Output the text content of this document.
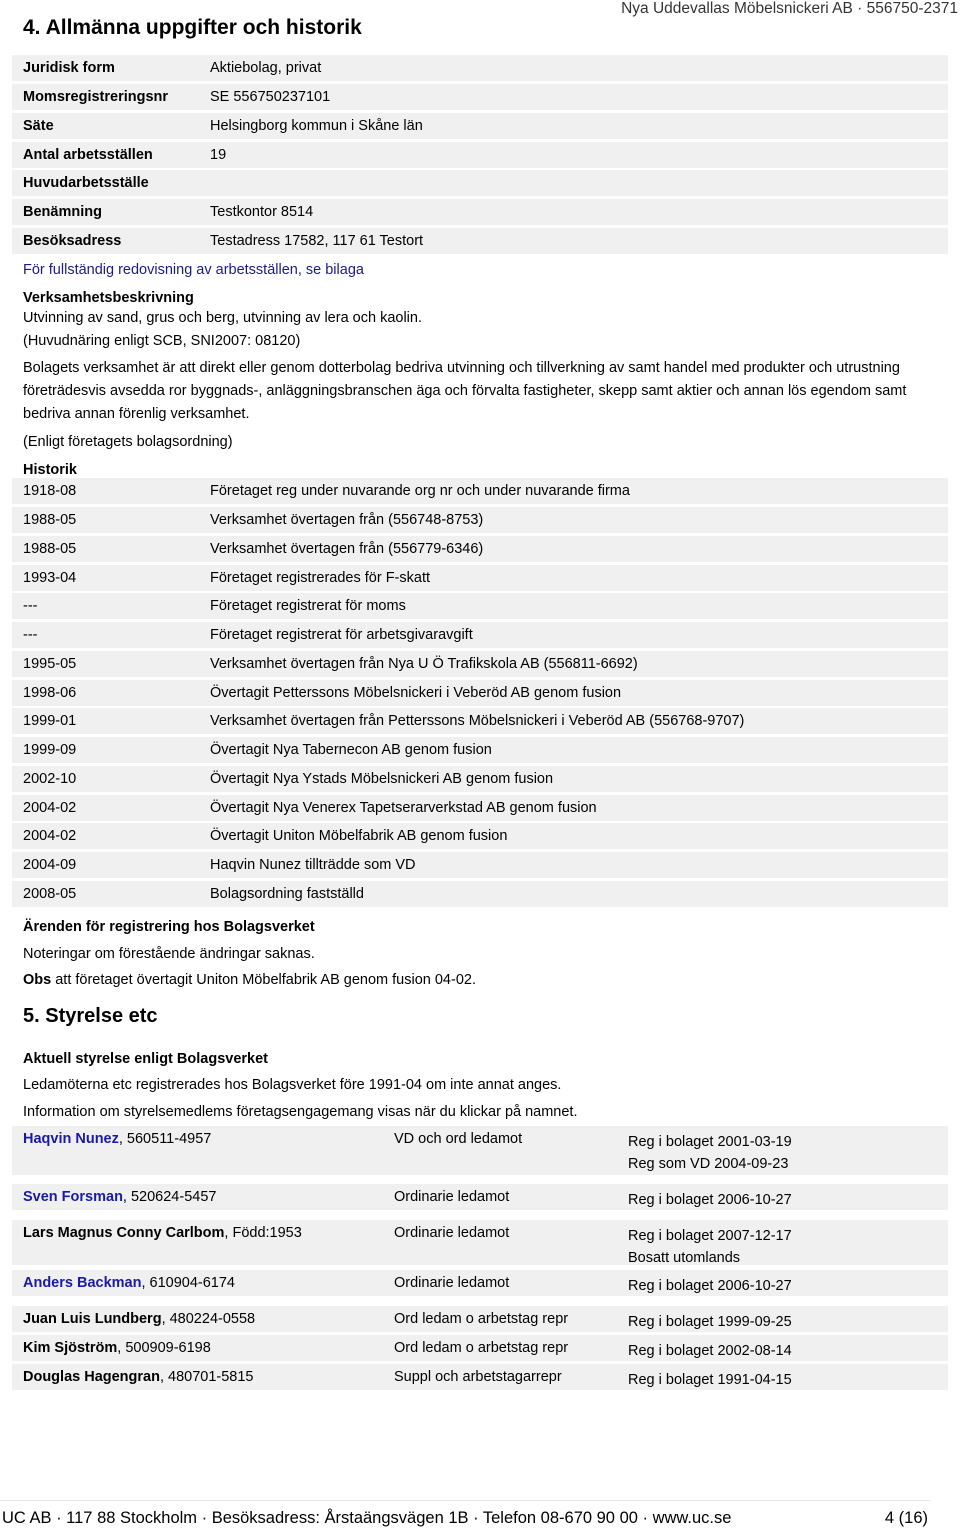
4. Allmänna uppgifter och historik
Nya Uddevallas Möbelsnickeri AB · 556750-2371
Juridisk form	Aktiebolag, privat
Momsregistreringsnr	SE 556750237101
Säte	Helsingborg kommun i Skåne län
Antal arbetsställen	19
Huvudarbetsställe
Benämning	Testkontor 8514
Besöksadress	Testadress 17582, 117 61 Testort
För fullständig redovisning av arbetsställen, se bilaga
Verksamhetsbeskrivning
Utvinning av sand, grus och berg, utvinning av lera och kaolin.
(Huvudnäring enligt SCB, SNI2007: 08120)
Bolagets verksamhet är att direkt eller genom dotterbolag bedriva utvinning och tillverkning av samt handel med produkter och utrustning företrädesvis avsedda ror byggnads-, anläggningsbranschen äga och förvalta fastigheter, skepp samt aktier och annan lös egendom samt bedriva annan förenlig verksamhet.
(Enligt företagets bolagsordning)
Historik
1918-08	Företaget reg under nuvarande org nr och under nuvarande firma
1988-05	Verksamhet övertagen från (556748-8753)
1988-05	Verksamhet övertagen från (556779-6346)
1993-04	Företaget registrerades för F-skatt
---	Företaget registrerat för moms
---	Företaget registrerat för arbetsgivaravgift
1995-05	Verksamhet övertagen från Nya U Ö Trafikskola AB (556811-6692)
1998-06	Övertagit Petterssons Möbelsnickeri i Veberöd AB genom fusion
1999-01	Verksamhet övertagen från Petterssons Möbelsnickeri i Veberöd AB (556768-9707)
1999-09	Övertagit Nya Tabernecon AB genom fusion
2002-10	Övertagit Nya Ystads Möbelsnickeri AB genom fusion
2004-02	Övertagit Nya Venerex Tapetserarverkstad AB genom fusion
2004-02	Övertagit Uniton Möbelfabrik AB genom fusion
2004-09	Haqvin Nunez tillträdde som VD
2008-05	Bolagsordning fastställd
Ärenden för registrering hos Bolagsverket
Noteringar om förestående ändringar saknas.
Obs att företaget övertagit Uniton Möbelfabrik AB genom fusion 04-02.
5. Styrelse etc
Aktuell styrelse enligt Bolagsverket
Ledamöterna etc registrerades hos Bolagsverket före 1991-04 om inte annat anges.
Information om styrelsemedlems företagsengagemang visas när du klickar på namnet.
Haqvin Nunez, 560511-4957	VD och ord ledamot	Reg i bolaget 2001-03-19
Reg som VD 2004-09-23
Sven Forsman, 520624-5457	Ordinarie ledamot	Reg i bolaget 2006-10-27
Lars Magnus Conny Carlbom, Född:1953	Ordinarie ledamot	Reg i bolaget 2007-12-17
Bosatt utomlands
Anders Backman, 610904-6174	Ordinarie ledamot	Reg i bolaget 2006-10-27
Juan Luis Lundberg, 480224-0558	Ord ledam o arbetstag repr	Reg i bolaget 1999-09-25
Kim Sjöström, 500909-6198	Ord ledam o arbetstag repr	Reg i bolaget 2002-08-14
Douglas Hagengran, 480701-5815	Suppl och arbetstagarrepr	Reg i bolaget 1991-04-15
UC AB · 117 88 Stockholm · Besöksadress: Årstaängsvägen 1B · Telefon 08-670 90 00 · www.uc.se	4 (16)
